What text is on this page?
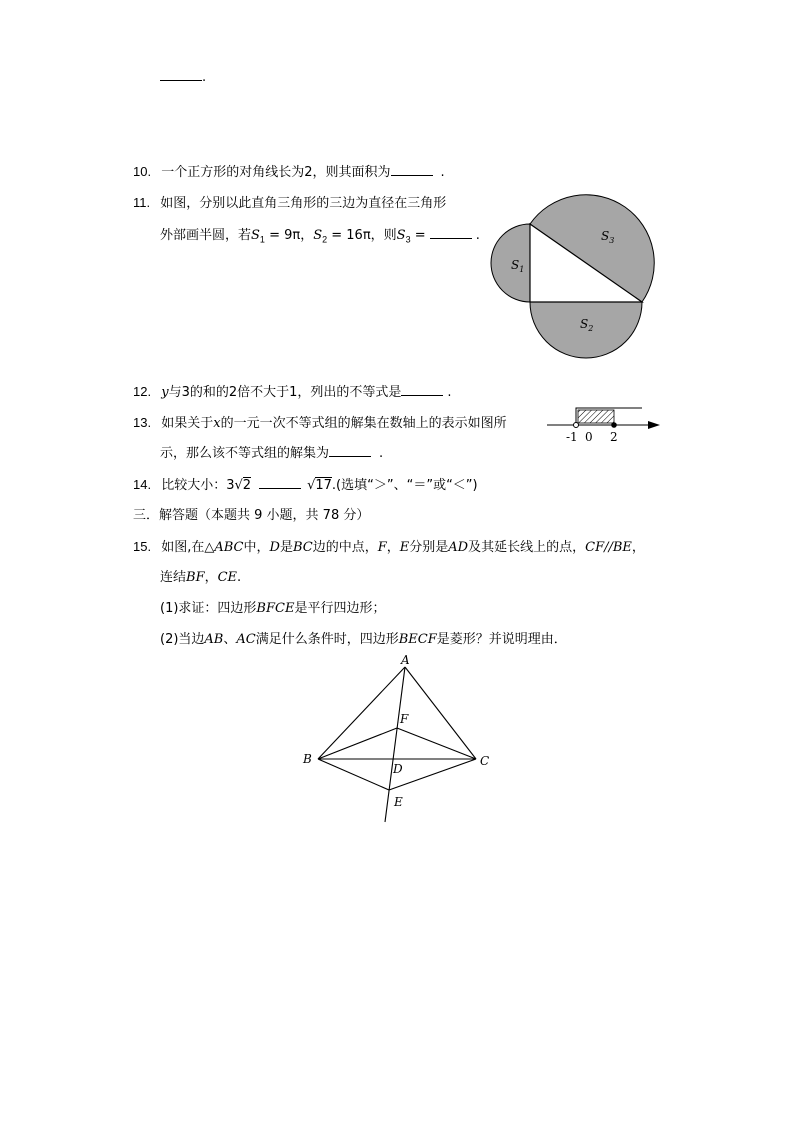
.
10. 一个正方形的对角线长为2，则其面积为	.
11. 如图，分别以此直角三角形的三边为直径在三角形
外部画半圆，若$S_1 = 9\pi$，$S_2 = 16\pi$，则$S_3$ =	.
$S_1$
$S_2$
$S_3$
12. y与3的和的2倍不大于1，列出的不等式是	.
13. 如果关于x的一元一次不等式组的解集在数轴上的表示如图所
示，那么该不等式组的解集为	.
-1 0 2
14. 比较大小：3√2	√17.(选填“＞”、“＝”或“＜”)
三．解答题（本题共 9 小题，共 78 分）
15. 如图,在△ABC中，D是BC边的中点，F，E分别是AD及其延长线上的点，CF//BE，
连结BF，CE.
(1)求证：四边形BFCE是平行四边形；
(2)当边AB、AC满足什么条件时，四边形BECF是菱形？并说明理由．
A
B	C
D
E
F
